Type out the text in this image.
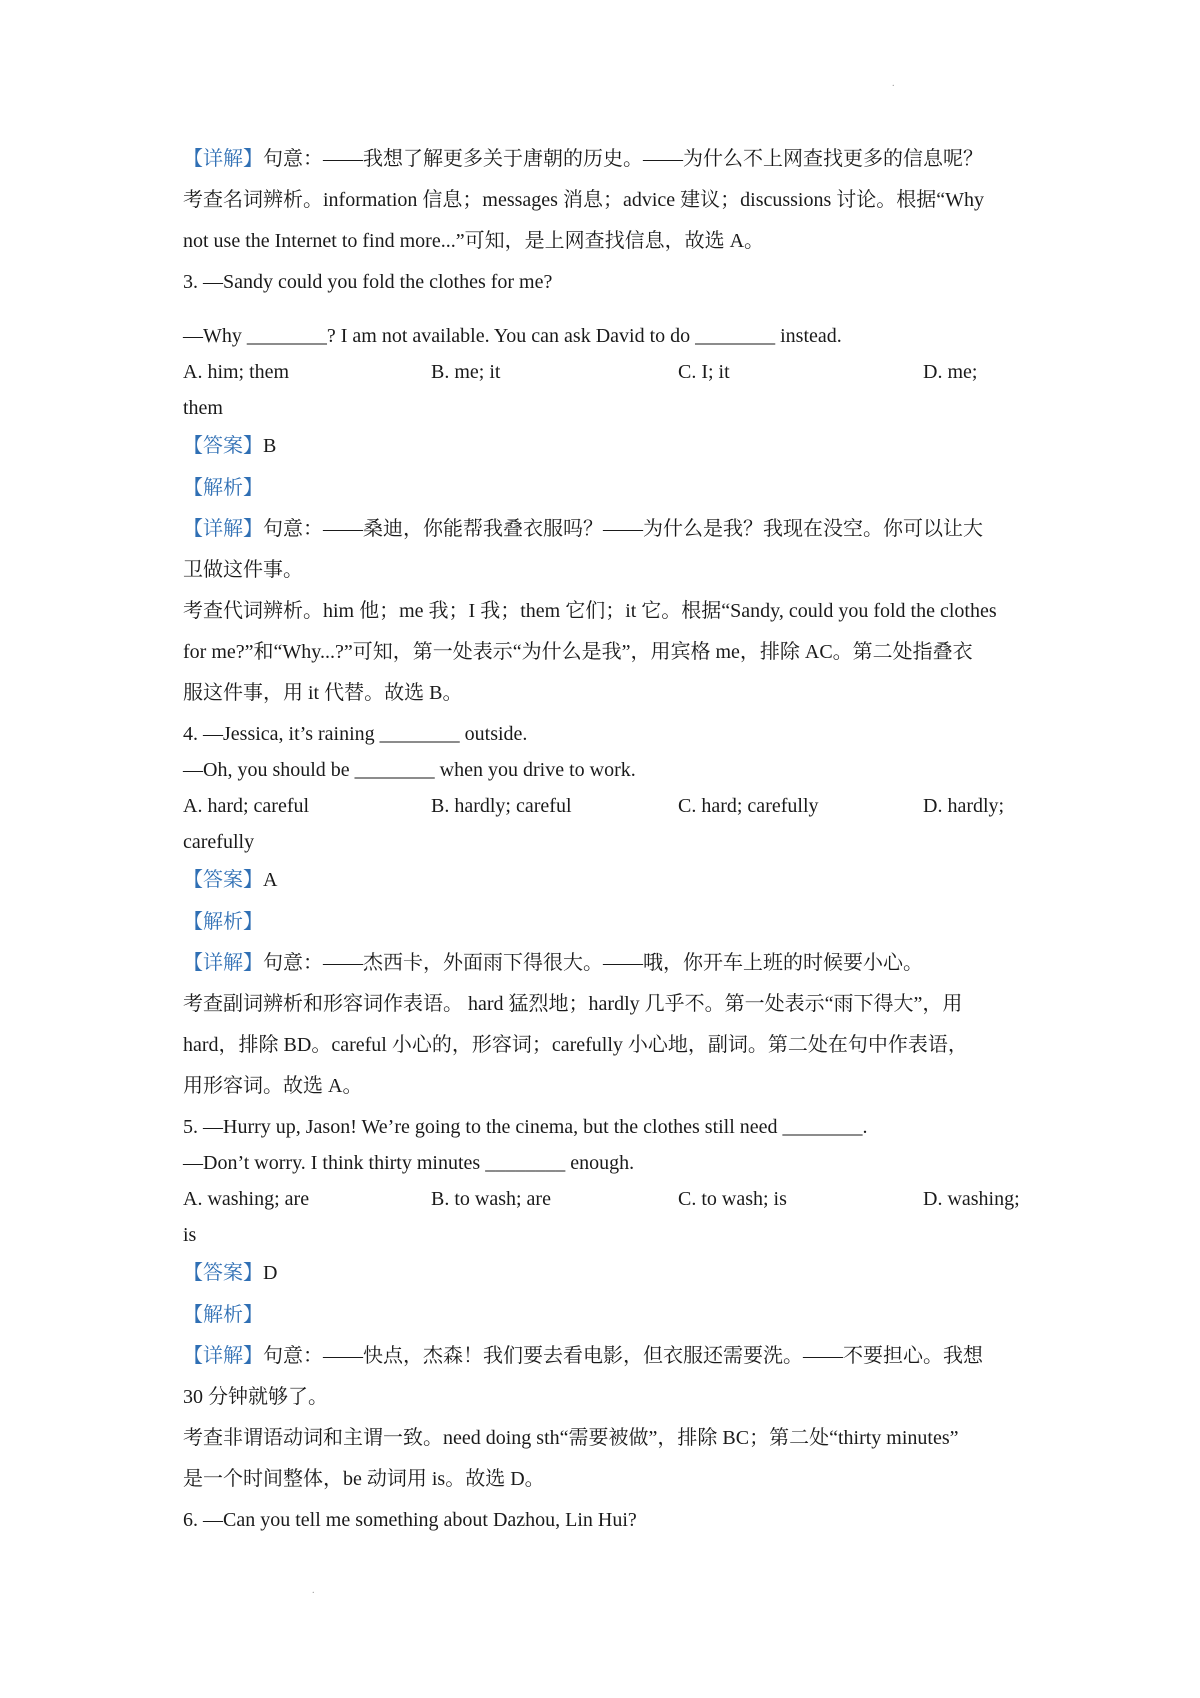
.
【详解】句意：——我想了解更多关于唐朝的历史。——为什么不上网查找更多的信息呢？
考查名词辨析。information 信息；messages 消息；advice 建议；discussions 讨论。根据“Why
not use the Internet to find more...”可知，是上网查找信息，故选 A。
3. —Sandy could you fold the clothes for me?
—Why ________? I am not available. You can ask David to do ________ instead.
A. him; them	B. me; it	C. I; it	D. me;
them
【答案】B
【解析】
【详解】句意：——桑迪，你能帮我叠衣服吗？——为什么是我？我现在没空。你可以让大
卫做这件事。
考查代词辨析。him 他；me 我；I 我；them 它们；it 它。根据“Sandy, could you fold the clothes
for me?”和“Why...?”可知，第一处表示“为什么是我”，用宾格 me，排除 AC。第二处指叠衣
服这件事，用 it 代替。故选 B。
4. —Jessica, it’s raining ________ outside.
—Oh, you should be ________ when you drive to work.
A. hard; careful	B. hardly; careful	C. hard; carefully	D. hardly;
carefully
【答案】A
【解析】
【详解】句意：——杰西卡，外面雨下得很大。——哦，你开车上班的时候要小心。
考查副词辨析和形容词作表语。 hard 猛烈地；hardly 几乎不。第一处表示“雨下得大”，用
hard，排除 BD。careful 小心的，形容词；carefully 小心地，副词。第二处在句中作表语，
用形容词。故选 A。
5. —Hurry up, Jason! We’re going to the cinema, but the clothes still need ________.
—Don’t worry. I think thirty minutes ________ enough.
A. washing; are	B. to wash; are	C. to wash; is	D. washing;
is
【答案】D
【解析】
【详解】句意：——快点，杰森！我们要去看电影，但衣服还需要洗。——不要担心。我想
30 分钟就够了。
考查非谓语动词和主谓一致。need doing sth“需要被做”，排除 BC；第二处“thirty minutes”
是一个时间整体，be 动词用 is。故选 D。
6. —Can you tell me something about Dazhou, Lin Hui?
.
